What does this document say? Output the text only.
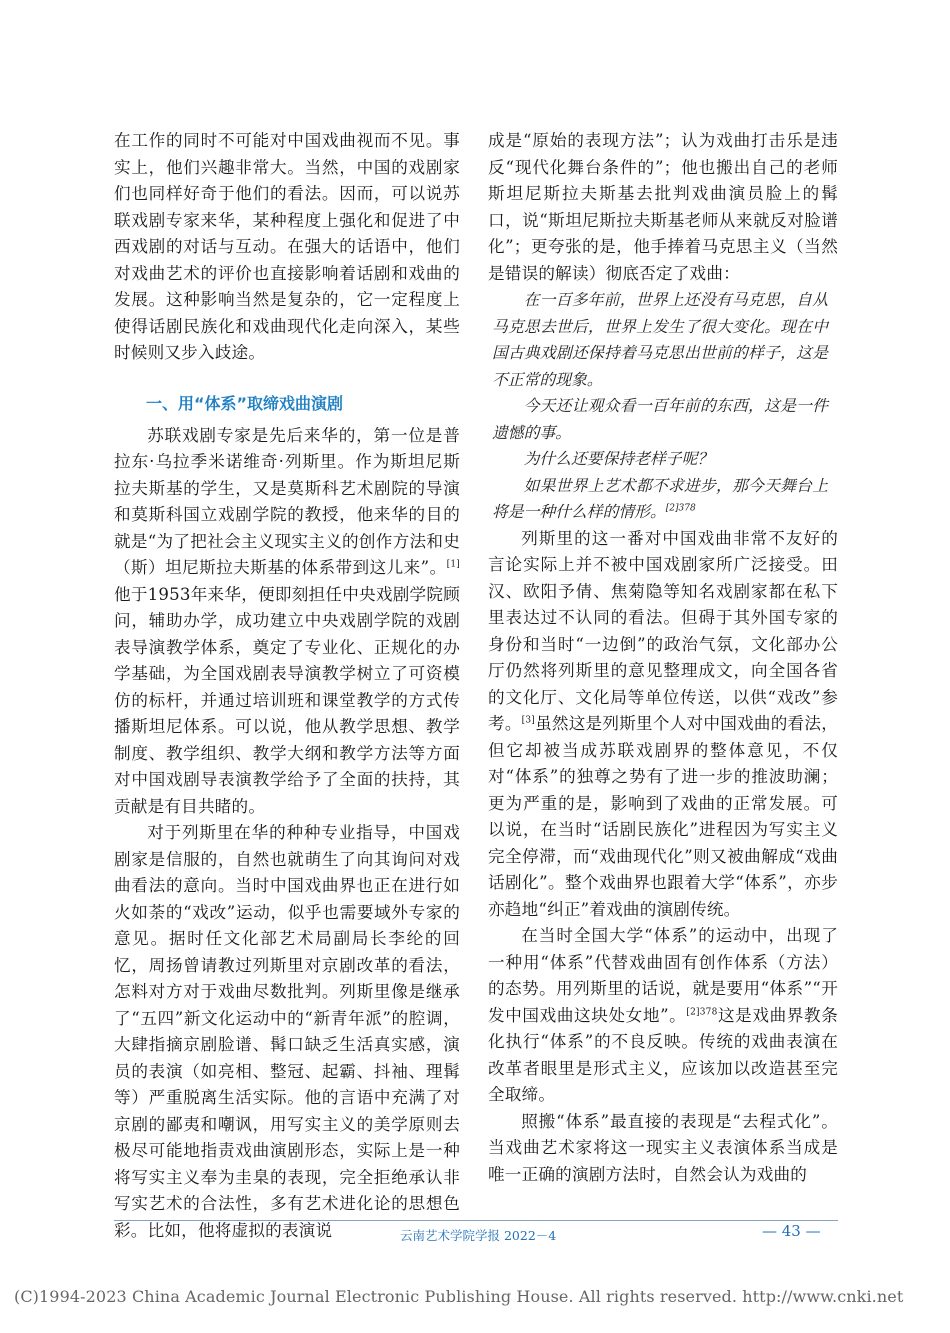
在工作的同时不可能对中国戏曲视而不见。事实上，他们兴趣非常大。当然，中国的戏剧家们也同样好奇于他们的看法。因而，可以说苏联戏剧专家来华，某种程度上强化和促进了中西戏剧的对话与互动。在强大的话语中，他们对戏曲艺术的评价也直接影响着话剧和戏曲的发展。这种影响当然是复杂的，它一定程度上使得话剧民族化和戏曲现代化走向深入，某些时候则又步入歧途。

一、用“体系”取缔戏曲演剧

苏联戏剧专家是先后来华的，第一位是普拉东·乌拉季米诺维奇·列斯里。作为斯坦尼斯拉夫斯基的学生，又是莫斯科艺术剧院的导演和莫斯科国立戏剧学院的教授，他来华的目的就是“为了把社会主义现实主义的创作方法和史（斯）坦尼斯拉夫斯基的体系带到这儿来”。[1]他于1953年来华，便即刻担任中央戏剧学院顾问，辅助办学，成功建立中央戏剧学院的戏剧表导演教学体系，奠定了专业化、正规化的办学基础，为全国戏剧表导演教学树立了可资模仿的标杆，并通过培训班和课堂教学的方式传播斯坦尼体系。可以说，他从教学思想、教学制度、教学组织、教学大纲和教学方法等方面对中国戏剧导表演教学给予了全面的扶持，其贡献是有目共睹的。

对于列斯里在华的种种专业指导，中国戏剧家是信服的，自然也就萌生了向其询问对戏曲看法的意向。当时中国戏曲界也正在进行如火如荼的“戏改”运动，似乎也需要域外专家的意见。据时任文化部艺术局副局长李纶的回忆，周扬曾请教过列斯里对京剧改革的看法，怎料对方对于戏曲尽数批判。列斯里像是继承了“五四”新文化运动中的“新青年派”的腔调，大肆指摘京剧脸谱、髯口缺乏生活真实感，演员的表演（如亮相、整冠、起霸、抖袖、理髯等）严重脱离生活实际。他的言语中充满了对京剧的鄙夷和嘲讽，用写实主义的美学原则去极尽可能地指责戏曲演剧形态，实际上是一种将写实主义奉为圭臬的表现，完全拒绝承认非写实艺术的合法性，多有艺术进化论的思想色彩。比如，他将虚拟的表演说

成是“原始的表现方法”；认为戏曲打击乐是违反“现代化舞台条件的”；他也搬出自己的老师斯坦尼斯拉夫斯基去批判戏曲演员脸上的髯口，说“斯坦尼斯拉夫斯基老师从来就反对脸谱化”；更夸张的是，他手捧着马克思主义（当然是错误的解读）彻底否定了戏曲：

在一百多年前，世界上还没有马克思，自从马克思去世后，世界上发生了很大变化。现在中国古典戏剧还保持着马克思出世前的样子，这是不正常的现象。

今天还让观众看一百年前的东西，这是一件遗憾的事。

为什么还要保持老样子呢？

如果世界上艺术都不求进步，那今天舞台上将是一种什么样的情形。$^{[2]378}$

列斯里的这一番对中国戏曲非常不友好的言论实际上并不被中国戏剧家所广泛接受。田汉、欧阳予倩、焦菊隐等知名戏剧家都在私下里表达过不认同的看法。但碍于其外国专家的身份和当时“一边倒”的政治气氛，文化部办公厅仍然将列斯里的意见整理成文，向全国各省的文化厅、文化局等单位传送，以供“戏改”参考。[3]虽然这是列斯里个人对中国戏曲的看法，但它却被当成苏联戏剧界的整体意见，不仅对“体系”的独尊之势有了进一步的推波助澜；更为严重的是，影响到了戏曲的正常发展。可以说，在当时“话剧民族化”进程因为写实主义完全停滞，而“戏曲现代化”则又被曲解成“戏曲话剧化”。整个戏曲界也跟着大学“体系”，亦步亦趋地“纠正”着戏曲的演剧传统。

在当时全国大学“体系”的运动中，出现了一种用“体系”代替戏曲固有创作体系（方法）的态势。用列斯里的话说，就是要用“体系”“开发中国戏曲这块处女地”。$^{[2]378}$这是戏曲界教条化执行“体系”的不良反映。传统的戏曲表演在改革者眼里是形式主义，应该加以改造甚至完全取缔。

照搬“体系”最直接的表现是“去程式化”。当戏曲艺术家将这一现实主义表演体系当成是唯一正确的演剧方法时，自然会认为戏曲的

云南艺术学院学报 2022－4	— 43 —
(C)1994-2023 China Academic Journal Electronic Publishing House. All rights reserved. http://www.cnki.net
